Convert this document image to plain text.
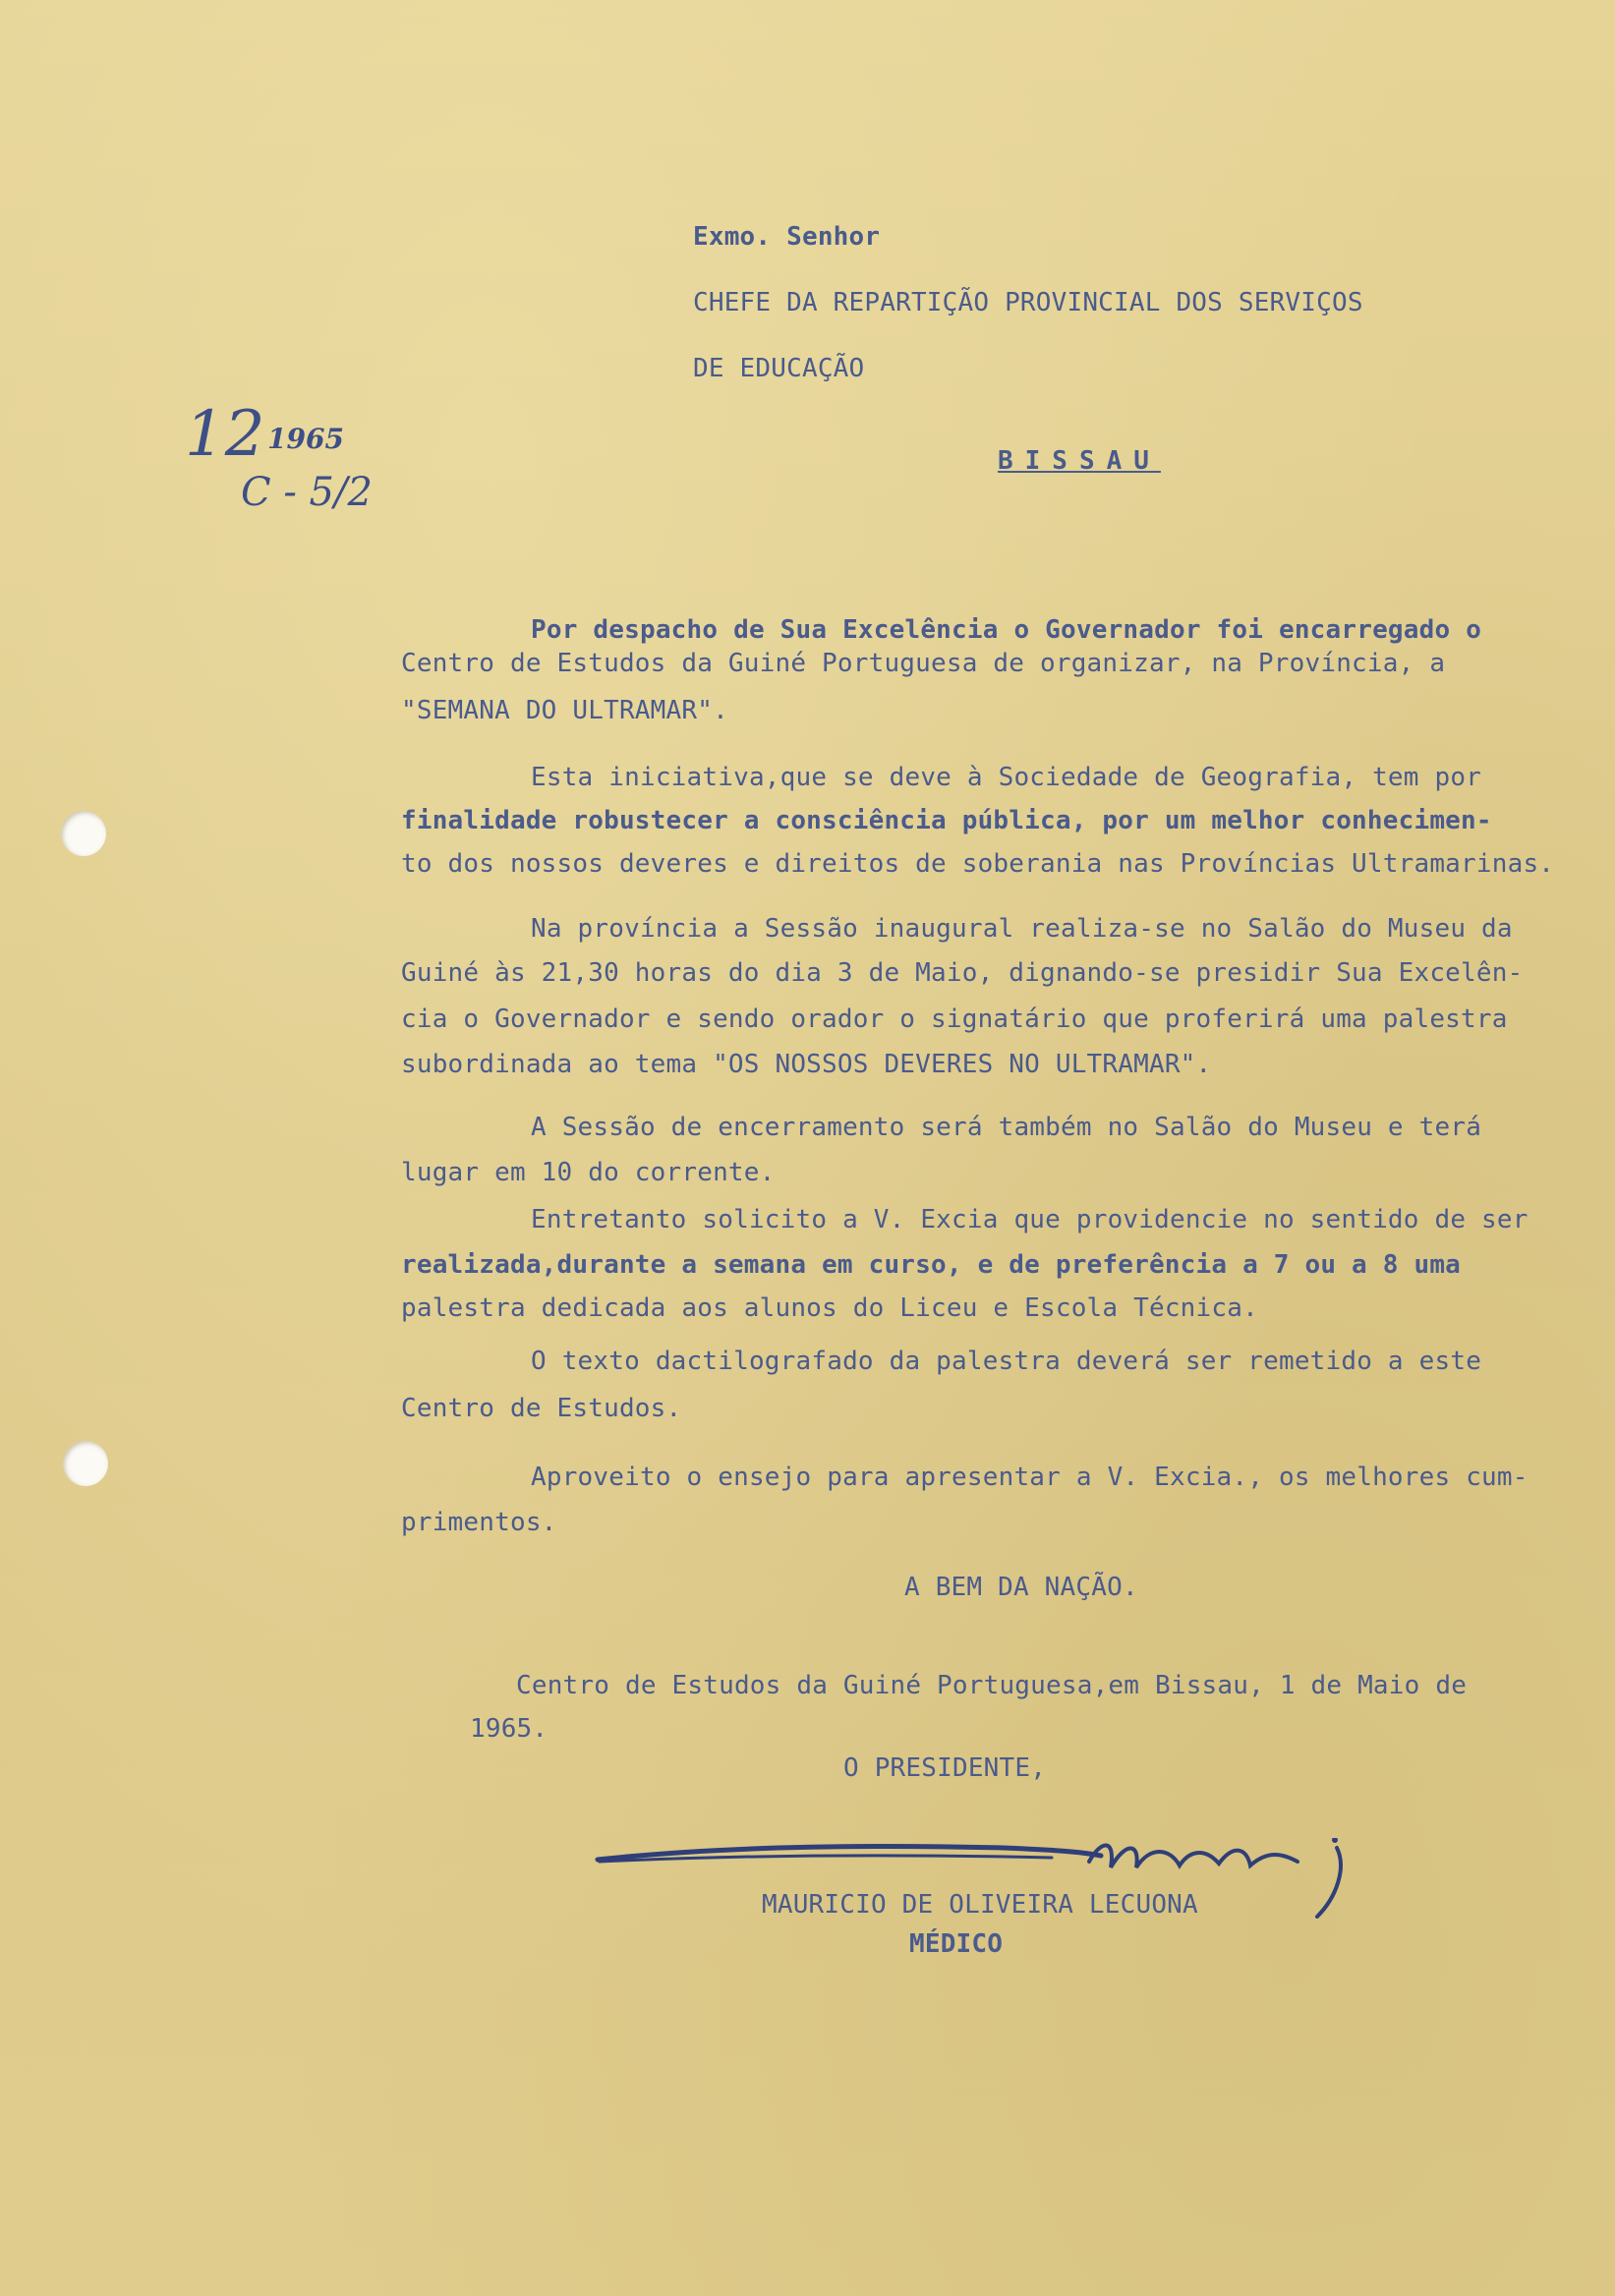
12 1965
C - 5/2
Exmo. Senhor
CHEFE DA REPARTIÇÃO PROVINCIAL DOS SERVIÇOS
DE EDUCAÇÃO
BISSAU
Por despacho de Sua Excelência o Governador foi encarregado o
Centro de Estudos da Guiné Portuguesa de organizar, na Província, a
"SEMANA DO ULTRAMAR".
Esta iniciativa,que se deve à Sociedade de Geografia, tem por
finalidade robustecer a consciência pública, por um melhor conhecimen-
to dos nossos deveres e direitos de soberania nas Províncias Ultramarinas.
Na província a Sessão inaugural realiza-se no Salão do Museu da
Guiné às 21,30 horas do dia 3 de Maio, dignando-se presidir Sua Excelên-
cia o Governador e sendo orador o signatário que proferirá uma palestra
subordinada ao tema "OS NOSSOS DEVERES NO ULTRAMAR".
A Sessão de encerramento será também no Salão do Museu e terá
lugar em 10 do corrente.
Entretanto solicito a V. Excia que providencie no sentido de ser
realizada,durante a semana em curso, e de preferência a 7 ou a 8 uma
palestra dedicada aos alunos do Liceu e Escola Técnica.
O texto dactilografado da palestra deverá ser remetido a este
Centro de Estudos.
Aproveito o ensejo para apresentar a V. Excia., os melhores cum-
primentos.
A BEM DA NAÇÃO.
Centro de Estudos da Guiné Portuguesa,em Bissau, 1 de Maio de
1965.
O PRESIDENTE,
MAURICIO DE OLIVEIRA LECUONA
MÉDICO
